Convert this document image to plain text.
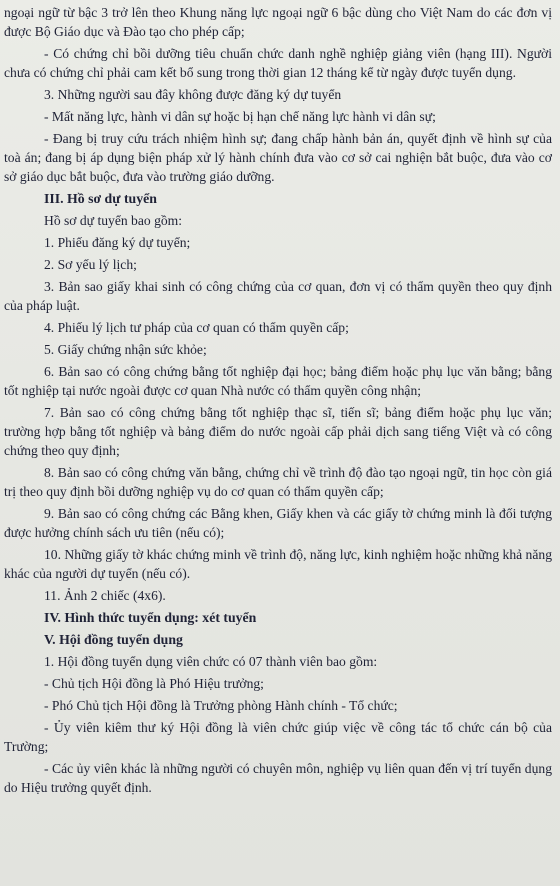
ngoại ngữ từ bậc 3 trở lên theo Khung năng lực ngoại ngữ 6 bậc dùng cho Việt Nam do các đơn vị được Bộ Giáo dục và Đào tạo cho phép cấp;

- Có chứng chỉ bồi dưỡng tiêu chuẩn chức danh nghề nghiệp giảng viên (hạng III). Người chưa có chứng chỉ phải cam kết bổ sung trong thời gian 12 tháng kể từ ngày được tuyển dụng.

3. Những người sau đây không được đăng ký dự tuyển

- Mất năng lực, hành vi dân sự hoặc bị hạn chế năng lực hành vi dân sự;

- Đang bị truy cứu trách nhiệm hình sự; đang chấp hành bản án, quyết định về hình sự của toà án; đang bị áp dụng biện pháp xử lý hành chính đưa vào cơ sở cai nghiện bắt buộc, đưa vào cơ sở giáo dục bắt buộc, đưa vào trường giáo dưỡng.

III. Hồ sơ dự tuyển

Hồ sơ dự tuyển bao gồm:

1. Phiếu đăng ký dự tuyển;

2. Sơ yếu lý lịch;

3. Bản sao giấy khai sinh có công chứng của cơ quan, đơn vị có thẩm quyền theo quy định của pháp luật.

4. Phiếu lý lịch tư pháp của cơ quan có thẩm quyền cấp;

5. Giấy chứng nhận sức khỏe;

6. Bản sao có công chứng bằng tốt nghiệp đại học; bảng điểm hoặc phụ lục văn bằng; bằng tốt nghiệp tại nước ngoài được cơ quan Nhà nước có thẩm quyền công nhận;

7. Bản sao có công chứng bằng tốt nghiệp thạc sĩ, tiến sĩ; bảng điểm hoặc phụ lục văn; trường hợp bằng tốt nghiệp và bảng điểm do nước ngoài cấp phải dịch sang tiếng Việt và có công chứng theo quy định;

8. Bản sao có công chứng văn bằng, chứng chỉ về trình độ đào tạo ngoại ngữ, tin học còn giá trị theo quy định bồi dưỡng nghiệp vụ do cơ quan có thẩm quyền cấp;

9. Bản sao có công chứng các Bằng khen, Giấy khen và các giấy tờ chứng minh là đối tượng được hưởng chính sách ưu tiên (nếu có);

10. Những giấy tờ khác chứng minh về trình độ, năng lực, kinh nghiệm hoặc những khả năng khác của người dự tuyển (nếu có).

11. Ảnh 2 chiếc (4x6).

IV. Hình thức tuyển dụng: xét tuyển
V. Hội đồng tuyển dụng

1. Hội đồng tuyển dụng viên chức có 07 thành viên bao gồm:

- Chủ tịch Hội đồng là Phó Hiệu trưởng;

- Phó Chủ tịch Hội đồng là Trưởng phòng Hành chính - Tổ chức;

- Ủy viên kiêm thư ký Hội đồng là viên chức giúp việc về công tác tổ chức cán bộ của Trường;

- Các ủy viên khác là những người có chuyên môn, nghiệp vụ liên quan đến vị trí tuyển dụng do Hiệu trưởng quyết định.
